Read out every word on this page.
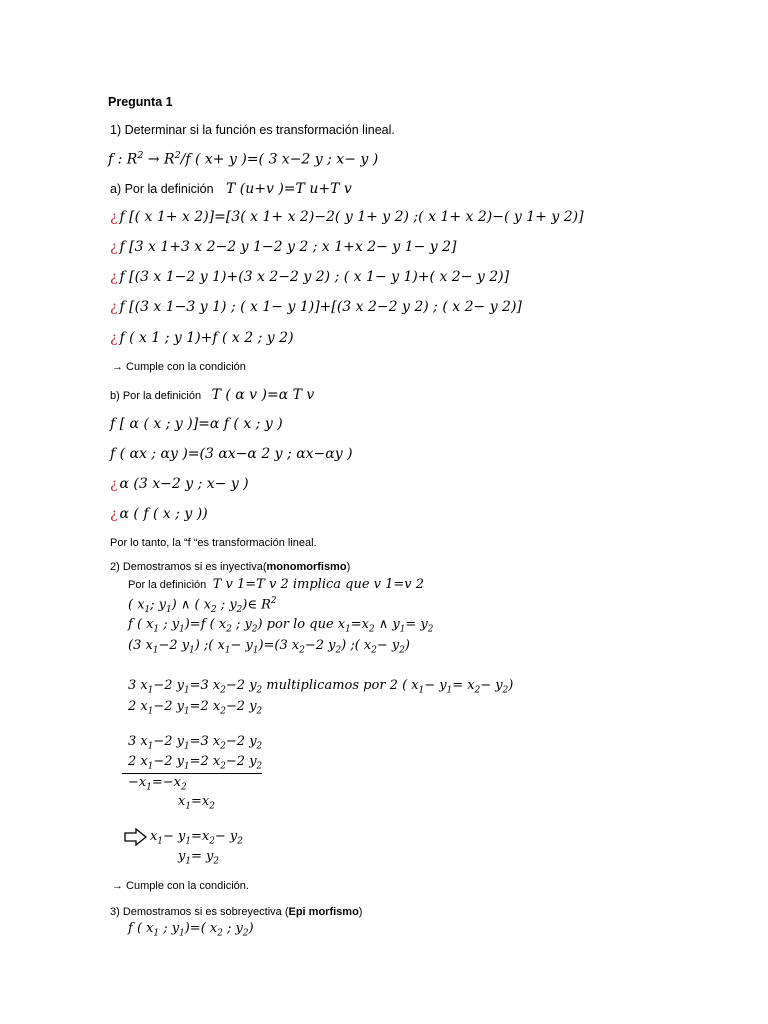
Pregunta 1
1) Determinar si la función es transformación lineal.
f : $R^2 \to R^2/f$ ( x+ y )=( 3 x−2 y ; x− y )
a) Por la definición T (u+v )=T u+T v
¿ f [( x 1+ x 2)]=[3( x 1+ x 2)−2( y 1+ y 2) ;( x 1+ x 2)−( y 1+ y 2)]
¿ f [3 x 1+3 x 2−2 y 1−2 y 2 ; x 1+x 2− y 1− y 2]
¿ f [(3 x 1−2 y 1)+(3 x 2−2 y 2) ; ( x 1− y 1)+( x 2− y 2)]
¿ f [(3 x 1−3 y 1) ; ( x 1− y 1)]+[(3 x 2−2 y 2) ; ( x 2− y 2)]
¿ f ( x 1 ; y 1)+f ( x 2 ; y 2)
→ Cumple con la condición
b) Por la definición T ( α v )=α T v
f [ α ( x ; y )]=α f ( x ; y )
f ( αx ; αy )=(3 αx−α 2 y ; αx−αy )
¿ α (3 x−2 y ; x− y )
¿ α ( f ( x ; y ))
Por lo tanto, la “f “es transformación lineal.
2) Demostramos si es inyectiva(monomorfismo)
Por la definición T v 1=T v 2 implica que v 1=v 2
( $x_1$; $y_1$) ∧ ( $x_2$ ; $y_2)\in$ $R^2$
f ( $x_1$ ; $y_1)=f$ ( $x_2$ ; $y_2$) por lo que $x_1=x_2$ ∧ $y_1= y_2$
(3 $x_1-2$ $y_1$) ;( $x_1- y_1)=(3$ $x_2-2$ $y_2$) ;( $x_2- y_2$)
3 $x_1-2$ $y_1=3$ $x_2-2$ $y_2$ multiplicamos por 2 ( $x_1- y_1= x_2- y_2$)
2 $x_1-2$ $y_1=2$ $x_2-2$ $y_2$
3 $x_1-2$ $y_1=3$ $x_2-2$ $y_2$
2 $x_1-2$ $y_1=2$ $x_2-2$ $y_2$
$-x_1=-x_2$
$x_1=x_2$
$x_1- y_1=x_2- y_2$
$y_1= y_2$
→ Cumple con la condición.
3) Demostramos si es sobreyectiva (Epi morfismo)
f ( $x_1$ ; $y_1)=$( $x_2$ ; $y_2$)
